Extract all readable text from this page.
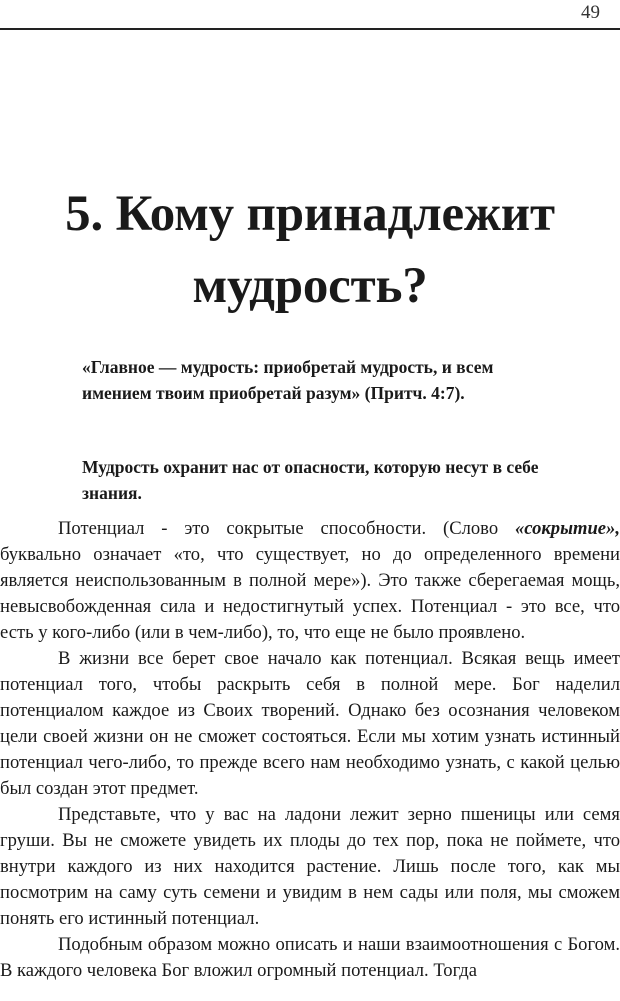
49
5. Кому принадлежит
мудрость?

«Главное — мудрость: приобретай мудрость, и всем имением твоим приобретай разум» (Притч. 4:7).

Мудрость охранит нас от опасности, которую несут в себе знания.

Потенциал - это сокрытые способности. (Слово «сокрытие», буквально означает «то, что существует, но до определенного времени является неиспользованным в полной мере»). Это также сберегаемая мощь, невысвобожденная сила и недостигнутый успех. Потенциал - это все, что есть у кого-либо (или в чем-либо), то, что еще не было проявлено.

В жизни все берет свое начало как потенциал. Всякая вещь имеет потенциал того, чтобы раскрыть себя в полной мере. Бог наделил потенциалом каждое из Своих творений. Однако без осознания человеком цели своей жизни он не сможет состояться. Если мы хотим узнать истинный потенциал чего-либо, то прежде всего нам необходимо узнать, с какой целью был создан этот предмет.

Представьте, что у вас на ладони лежит зерно пшеницы или семя груши. Вы не сможете увидеть их плоды до тех пор, пока не поймете, что внутри каждого из них находится растение. Лишь после того, как мы посмотрим на саму суть семени и увидим в нем сады или поля, мы сможем понять его истинный потенциал.

Подобным образом можно описать и наши взаимоотношения с Богом. В каждого человека Бог вложил огромный потенциал. Тогда
